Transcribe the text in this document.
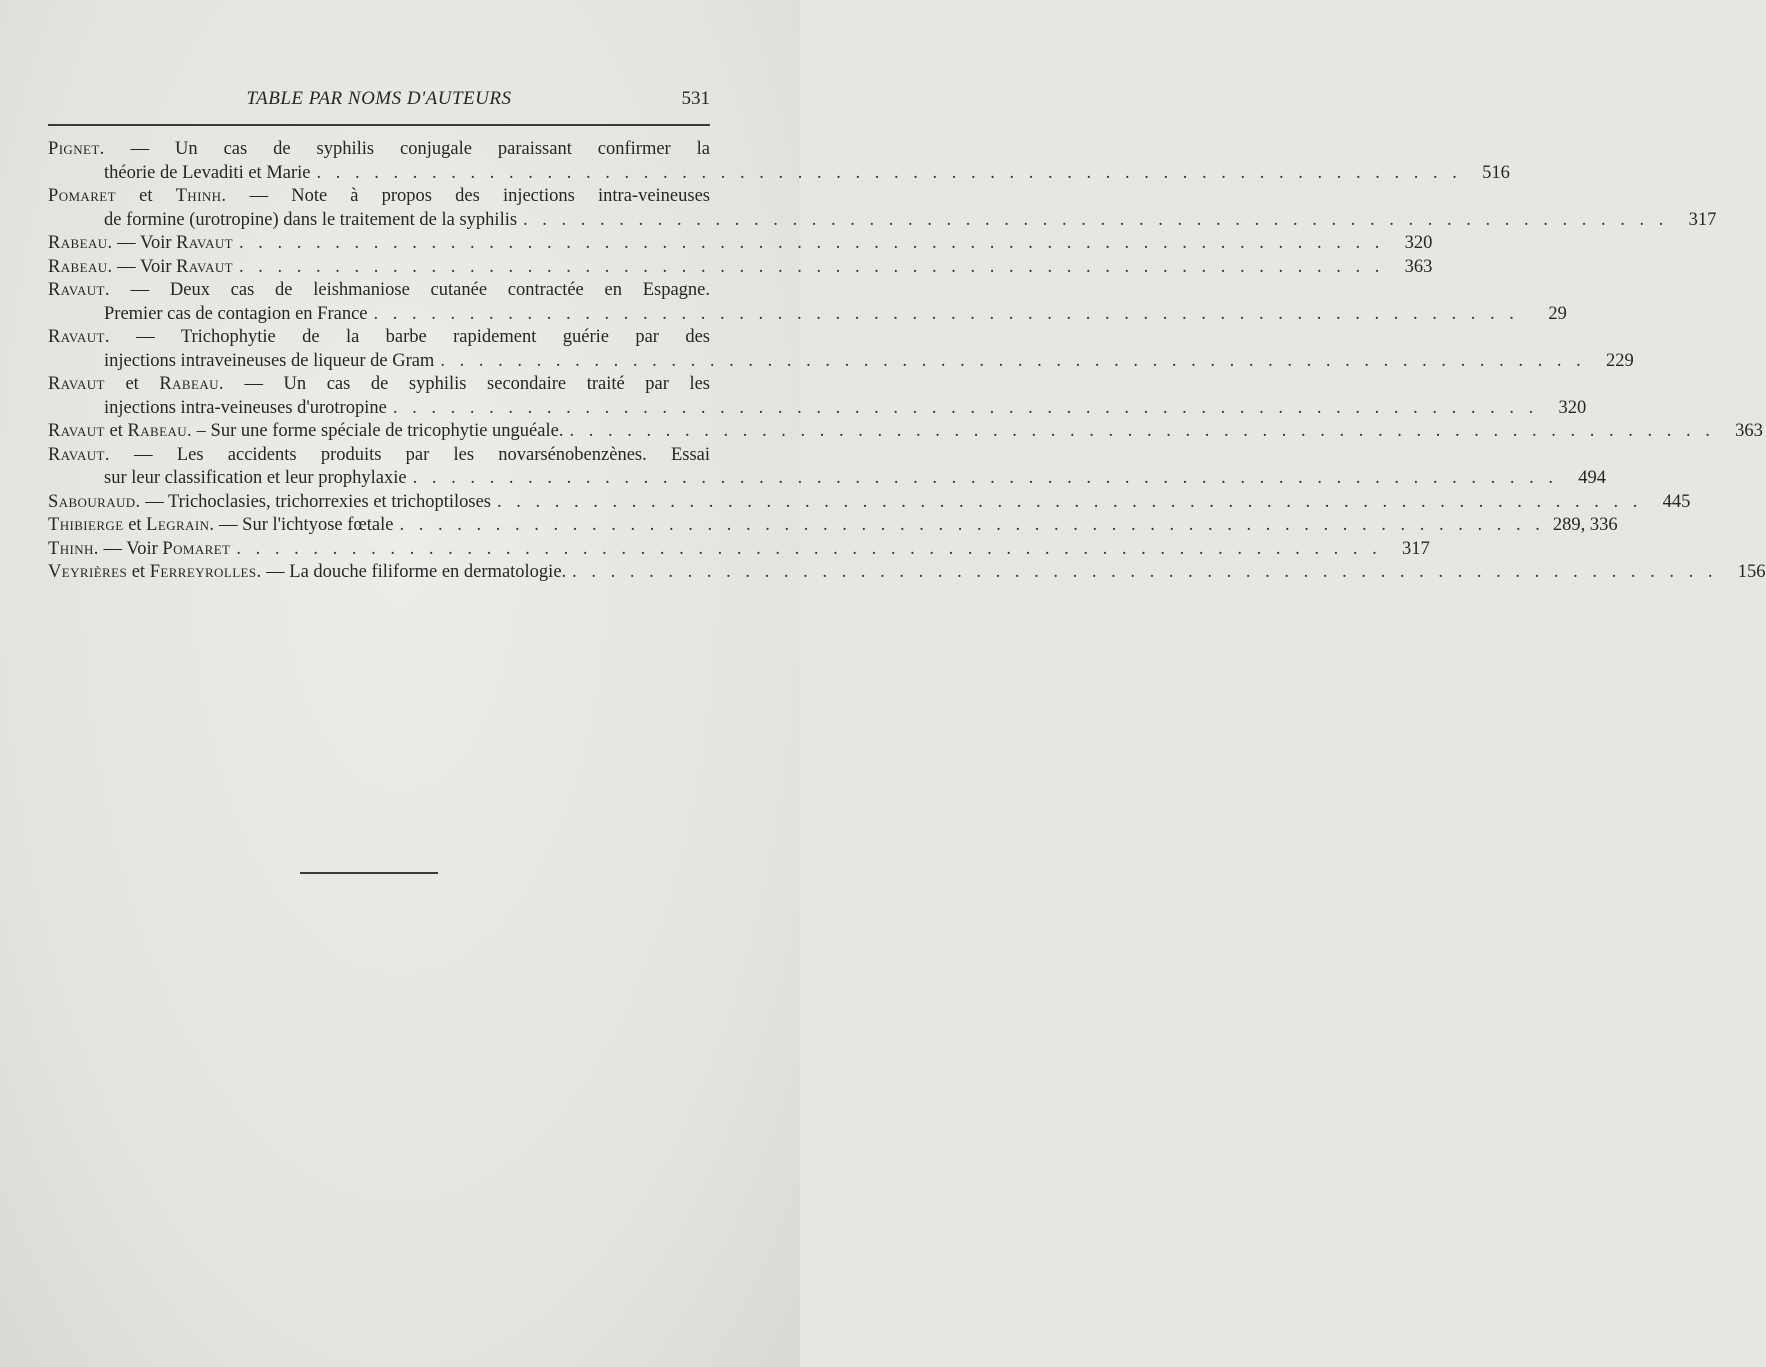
TABLE PAR NOMS D'AUTEURS	531
Pignet. — Un cas de syphilis conjugale paraissant confirmer la
théorie de Levaditi et Marie . . . . . . . . . . . . . . . . . . . . . . . . . . . . . . . . . . . . . . . . . . . . . . . . . . . . . . . . . . . .	516
Pomaret et Thinh. — Note à propos des injections intra-veineuses
de formine (urotropine) dans le traitement de la syphilis . . . . . . . . . . . . . . . . . . . . . . . . . . . . . . . . . . . . . . . . . . . . . . . . . . . . . . . . . . . .	317
Rabeau. — Voir Ravaut . . . . . . . . . . . . . . . . . . . . . . . . . . . . . . . . . . . . . . . . . . . . . . . . . . . . . . . . . . . .	320
Rabeau. — Voir Ravaut . . . . . . . . . . . . . . . . . . . . . . . . . . . . . . . . . . . . . . . . . . . . . . . . . . . . . . . . . . . .	363
Ravaut. — Deux cas de leishmaniose cutanée contractée en Espagne.
Premier cas de contagion en France . . . . . . . . . . . . . . . . . . . . . . . . . . . . . . . . . . . . . . . . . . . . . . . . . . . . . . . . . . . .	29
Ravaut. — Trichophytie de la barbe rapidement guérie par des
injections intraveineuses de liqueur de Gram . . . . . . . . . . . . . . . . . . . . . . . . . . . . . . . . . . . . . . . . . . . . . . . . . . . . . . . . . . . .	229
Ravaut et Rabeau. — Un cas de syphilis secondaire traité par les
injections intra-veineuses d'urotropine . . . . . . . . . . . . . . . . . . . . . . . . . . . . . . . . . . . . . . . . . . . . . . . . . . . . . . . . . . . .	320
Ravaut et Rabeau. – Sur une forme spéciale de tricophytie unguéale. . . . . . . . . . . . . . . . . . . . . . . . . . . . . . . . . . . . . . . . . . . . . . . . . . . . . . . . . . . . .	363
Ravaut. — Les accidents produits par les novarsénobenzènes. Essai
sur leur classification et leur prophylaxie . . . . . . . . . . . . . . . . . . . . . . . . . . . . . . . . . . . . . . . . . . . . . . . . . . . . . . . . . . . .	494
Sabouraud. — Trichoclasies, trichorrexies et trichoptiloses . . . . . . . . . . . . . . . . . . . . . . . . . . . . . . . . . . . . . . . . . . . . . . . . . . . . . . . . . . . .	445
Thibierge et Legrain. — Sur l'ichtyose fœtale . . . . . . . . . . . . . . . . . . . . . . . . . . . . . . . . . . . . . . . . . . . . . . . . . . . . . . . . . . . . 289, 336
Thinh. — Voir Pomaret . . . . . . . . . . . . . . . . . . . . . . . . . . . . . . . . . . . . . . . . . . . . . . . . . . . . . . . . . . . .	317
Veyrières et Ferreyrolles. — La douche filiforme en dermatologie. . . . . . . . . . . . . . . . . . . . . . . . . . . . . . . . . . . . . . . . . . . . . . . . . . . . . . . . . . . . .	156
